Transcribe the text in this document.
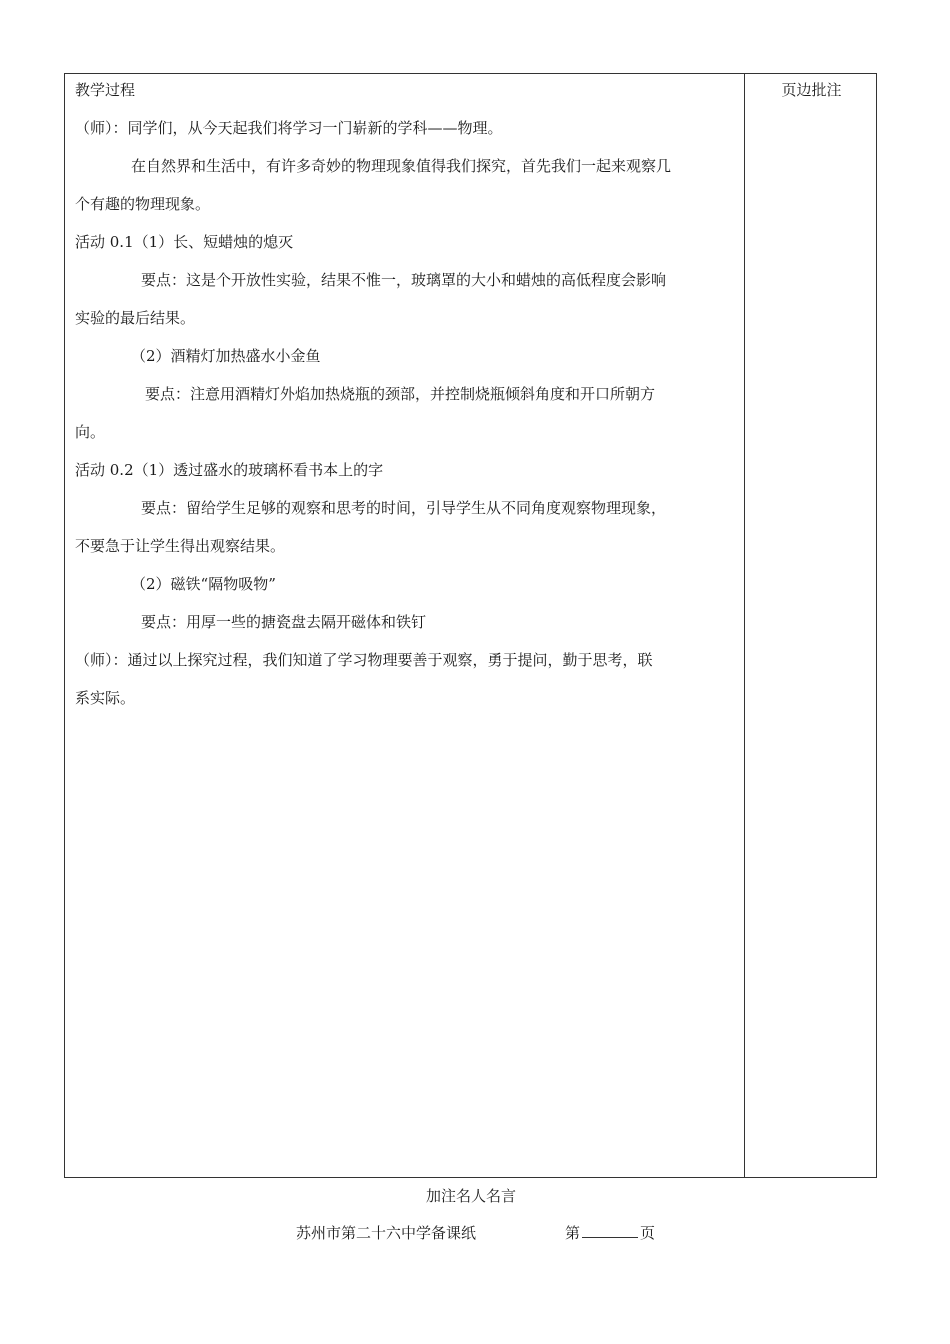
页边批注
教学过程
（师）：同学们，从今天起我们将学习一门崭新的学科——物理。
在自然界和生活中，有许多奇妙的物理现象值得我们探究，首先我们一起来观察几
个有趣的物理现象。
活动 0.1（1）长、短蜡烛的熄灭
要点：这是个开放性实验，结果不惟一，玻璃罩的大小和蜡烛的高低程度会影响
实验的最后结果。
（2）酒精灯加热盛水小金鱼
要点：注意用酒精灯外焰加热烧瓶的颈部，并控制烧瓶倾斜角度和开口所朝方
向。
活动 0.2（1）透过盛水的玻璃杯看书本上的字
要点：留给学生足够的观察和思考的时间，引导学生从不同角度观察物理现象，
不要急于让学生得出观察结果。
（2）磁铁“隔物吸物”
要点：用厚一些的搪瓷盘去隔开磁体和铁钉
（师）：通过以上探究过程，我们知道了学习物理要善于观察，勇于提问，勤于思考，联
系实际。
加注名人名言
苏州市第二十六中学备课纸	第	页
